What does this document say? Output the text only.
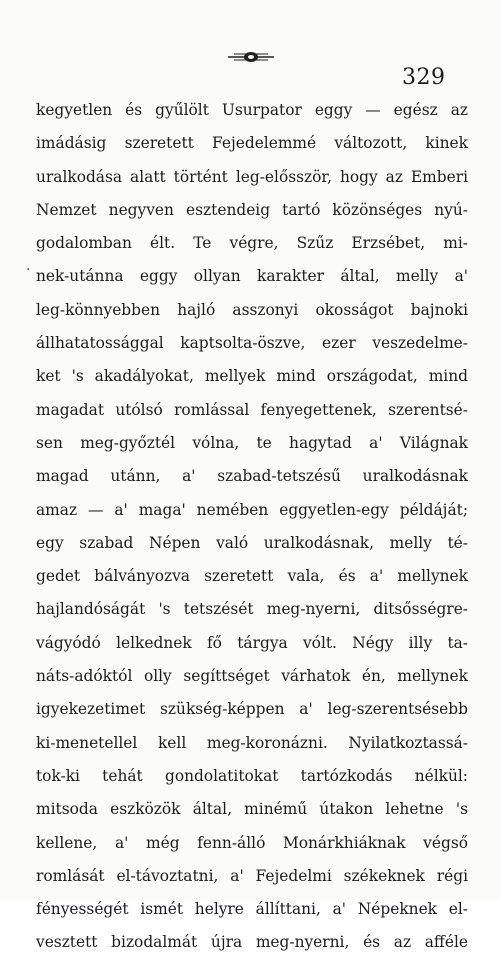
329
·
kegyetlen és gyűlölt Usurpator eggy — egész az
imádásig szeretett Fejedelemmé változott, kinek
uralkodása alatt történt leg-elősször, hogy az Emberi
Nemzet negyven esztendeig tartó közönséges nyú-
godalomban élt. Te végre, Szűz Erzsébet, mi-
nek-utánna eggy ollyan karakter által, melly a'
leg-könnyebben hajló asszonyi okosságot bajnoki
állhatatossággal kaptsolta-öszve, ezer veszedelme-
ket 's akadályokat, mellyek mind országodat, mind
magadat utólsó romlással fenyegettenek, szerentsé-
sen meg-győztél vólna, te hagytad a' Világnak
magad utánn, a' szabad-tetszésű uralkodásnak
amaz — a' maga' nemében eggyetlen-egy példáját;
egy szabad Népen való uralkodásnak, melly té-
gedet bálványozva szeretett vala, és a' mellynek
hajlandóságát 's tetszését meg-nyerni, ditsősségre-
vágyódó lelkednek fő tárgya vólt. Négy illy ta-
náts-adóktól olly segíttséget várhatok én, mellynek
igyekezetimet szükség-képpen a' leg-szerentsésebb
ki-menetellel kell meg-koronázni. Nyilatkoztassá-
tok-ki tehát gondolatitokat tartózkodás nélkül:
mitsoda eszközök által, minémű útakon lehetne 's
kellene, a' még fenn-álló Monárkhiáknak végső
romlását el-távoztatni, a' Fejedelmi székeknek régi
fényességét ismét helyre állíttani, a' Népeknek el-
vesztett bizodalmát újra meg-nyerni, és az afféle
